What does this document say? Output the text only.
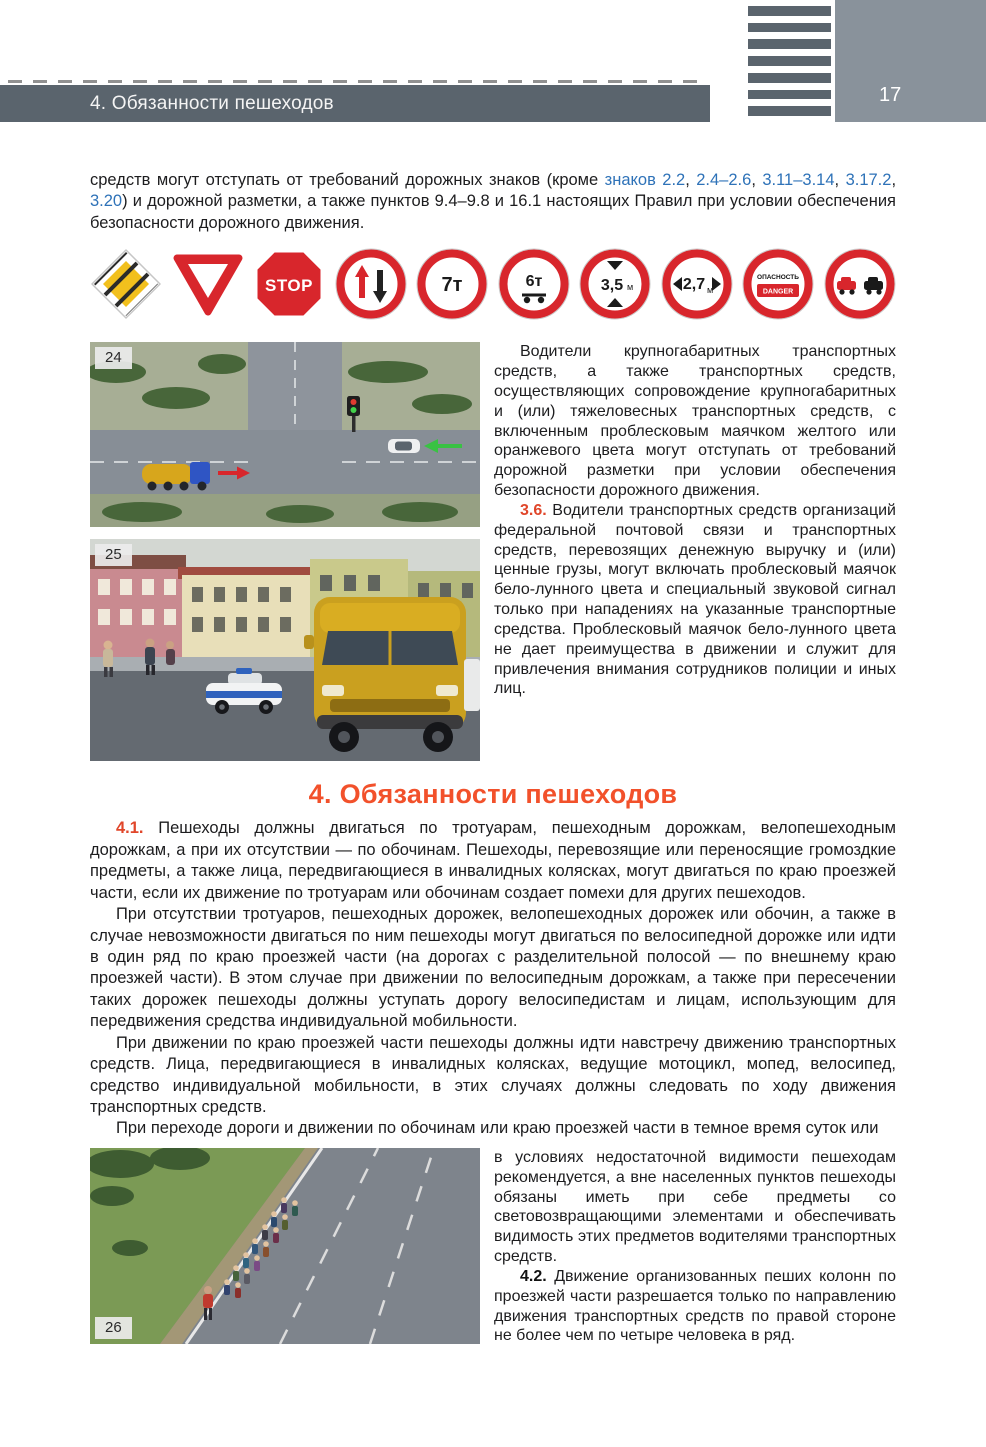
4. Обязанности пешеходов	17

средств могут отступать от требований дорожных знаков (кроме знаков 2.2, 2.4–2.6, 3.11–3.14, 3.17.2, 3.20) и дорожной разметки, а также пунктов 9.4–9.8 и 16.1 настоящих Правил при условии обеспечения безопасности дорожного движения.

STOP	7т	6т	3,5 м	2,7 м
ОПАСНОСТЬ
DANGER
24
25

Водители крупногабаритных транспортных средств, а также транспортных средств, осуществляющих сопровождение крупногабаритных и (или) тяжеловесных транспортных средств, с включенным проблесковым маячком желтого или оранжевого цвета могут отступать от требований дорожной разметки при условии обеспечения безопасности дорожного движения.

3.6. Водители транспортных средств организаций федеральной почтовой связи и транспортных средств, перевозящих денежную выручку и (или) ценные грузы, могут включать проблесковый маячок бело-лунного цвета и специальный звуковой сигнал только при нападениях на указанные транспортные средства. Проблесковый маячок бело-лунного цвета не дает преимущества в движении и служит для привлечения внимания сотрудников полиции и иных лиц.

4. Обязанности пешеходов

4.1. Пешеходы должны двигаться по тротуарам, пешеходным дорожкам, велопешеходным дорожкам, а при их отсутствии — по обочинам. Пешеходы, перевозящие или переносящие громоздкие предметы, а также лица, передвигающиеся в инвалидных колясках, могут двигаться по краю проезжей части, если их движение по тротуарам или обочинам создает помехи для других пешеходов.

При отсутствии тротуаров, пешеходных дорожек, велопешеходных дорожек или обочин, а также в случае невозможности двигаться по ним пешеходы могут двигаться по велосипедной дорожке или идти в один ряд по краю проезжей части (на дорогах с разделительной полосой — по внешнему краю проезжей части). В этом случае при движении по велосипедным дорожкам, а также при пересечении таких дорожек пешеходы должны уступать дорогу велосипедистам и лицам, использующим для передвижения средства индивидуальной мобильности.

При движении по краю проезжей части пешеходы должны идти навстречу движению транспортных средств. Лица, передвигающиеся в инвалидных колясках, ведущие мотоцикл, мопед, велосипед, средство индивидуальной мобильности, в этих случаях должны следовать по ходу движения транспортных средств.

При переходе дороги и движении по обочинам или краю проезжей части в темное время суток или

26

в условиях недостаточной видимости пешеходам рекомендуется, а вне населенных пунктов пешеходы обязаны иметь при себе предметы со световозвращающими элементами и обеспечивать видимость этих предметов водителями транспортных средств.

4.2. Движение организованных пеших колонн по проезжей части разрешается только по направлению движения транспортных средств по правой стороне не более чем по четыре человека в ряд.
